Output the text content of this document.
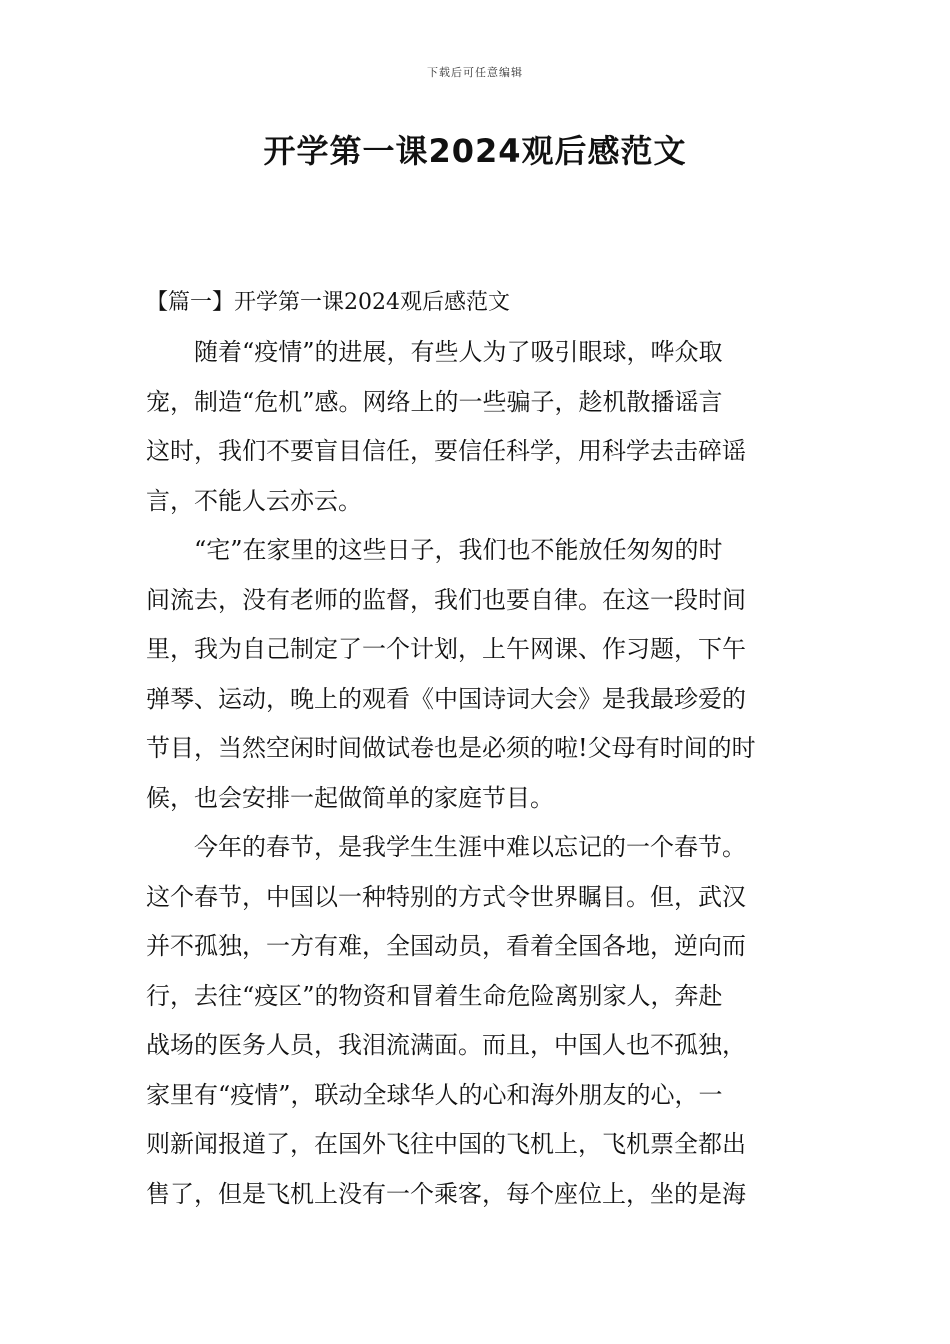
下载后可任意编辑
开学第一课2024观后感范文
【篇一】开学第一课2024观后感范文

随着“疫情”的进展，有些人为了吸引眼球，哗众取
宠，制造“危机”感。网络上的一些骗子，趁机散播谣言
这时，我们不要盲目信任，要信任科学，用科学去击碎谣
言，不能人云亦云。

“宅”在家里的这些日子，我们也不能放任匆匆的时
间流去，没有老师的监督，我们也要自律。在这一段时间
里，我为自己制定了一个计划，上午网课、作习题，下午
弹琴、运动，晚上的观看《中国诗词大会》是我最珍爱的
节目，当然空闲时间做试卷也是必须的啦!父母有时间的时
候，也会安排一起做简单的家庭节目。

今年的春节，是我学生生涯中难以忘记的一个春节。
这个春节，中国以一种特别的方式令世界瞩目。但，武汉
并不孤独，一方有难，全国动员，看着全国各地，逆向而
行，去往“疫区”的物资和冒着生命危险离别家人，奔赴
战场的医务人员，我泪流满面。而且，中国人也不孤独，
家里有“疫情”，联动全球华人的心和海外朋友的心，一
则新闻报道了，在国外飞往中国的飞机上，飞机票全都出
售了，但是飞机上没有一个乘客，每个座位上，坐的是海
